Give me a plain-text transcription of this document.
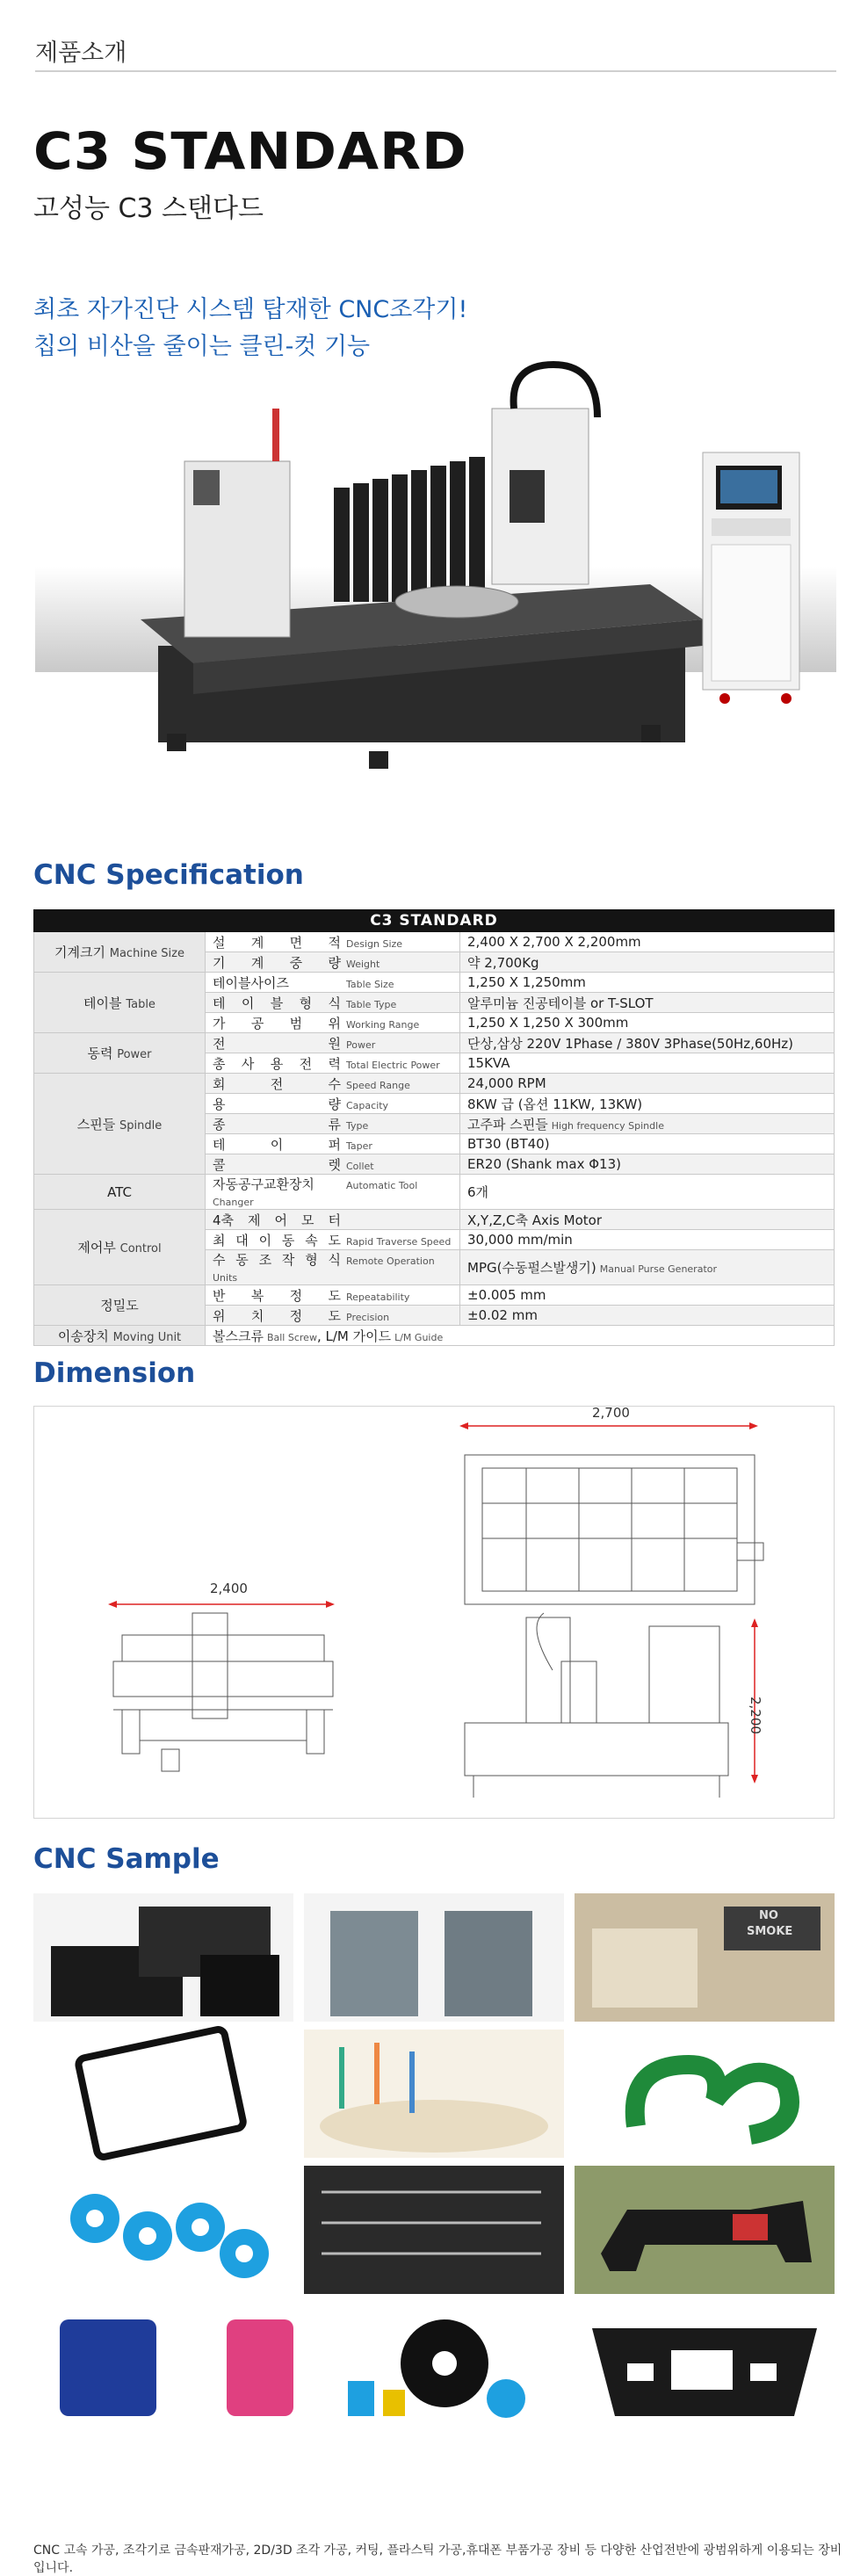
제품소개
C3 STANDARD
고성능 C3 스탠다드
최초 자가진단 시스템 탑재한 CNC조각기!
칩의 비산을 줄이는 클린-컷 기능
CNC Specification
C3 STANDARD		
기계크기 Machine Size	설 계 면 적 Design Size	2,400 X 2,700 X 2,200mm
	기 계 중 량 Weight	약 2,700Kg
테이블 Table	테이블사이즈 Table Size	1,250 X 1,250mm
	테 이 블 형 식 Table Type	알루미늄 진공테이블 or T-SLOT
	가 공 범 위 Working Range	1,250 X 1,250 X 300mm
동력 Power	전 원 Power	단상,삼상 220V 1Phase / 380V 3Phase(50Hz,60Hz)
	총 사 용 전 력 Total Electric Power	15KVA
스핀들 Spindle	회 전 수 Speed Range	24,000 RPM
	용 량 Capacity	8KW 급 (옵션 11KW, 13KW)
	종 류 Type	고주파 스핀들 High frequency Spindle
	테 이 퍼 Taper	BT30 (BT40)
	콜 렛 Collet	ER20 (Shank max Φ13)
ATC	자동공구교환장치 Automatic Tool Changer	6개
제어부 Control	4축 제 어 모 터	X,Y,Z,C축 Axis Motor
	최 대 이 동 속 도 Rapid Traverse Speed	30,000 mm/min
	수 동 조 작 형 식 Remote Operation Units	MPG(수동펄스발생기) Manual Purse Generator
정밀도	반 복 정 도 Repeatability	±0.005 mm
	위 치 정 도 Precision	±0.02 mm
이송장치 Moving Unit	볼스크류 Ball Screw, L/M 가이드 L/M Guide	
Dimension
2,400
2,700
2,200
CNC Sample
NO
SMOKE
CNC 고속 가공, 조각기로 금속판재가공, 2D/3D 조각 가공, 커팅, 플라스틱 가공,휴대폰 부품가공 장비 등 다양한 산업전반에 광범위하게 이용되는 장비입니다.
